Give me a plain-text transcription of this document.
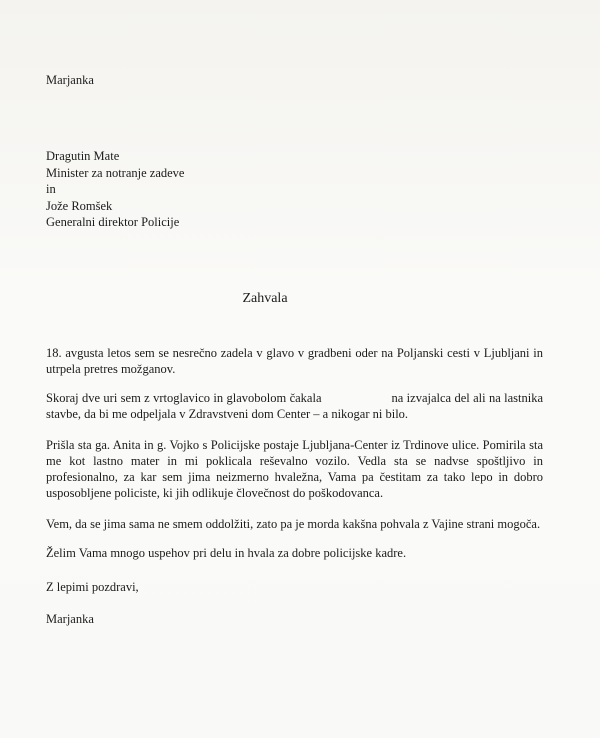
Marjanka
Dragutin Mate
Minister za notranje zadeve
in
Jože Romšek
Generalni direktor Policije
Zahvala

18. avgusta letos sem se nesrečno zadela v glavo v gradbeni oder na Poljanski cesti v Ljubljani in utrpela pretres možganov.

Skoraj dve uri sem z vrtoglavico in glavobolom čakala	na izvajalca del ali na lastnika stavbe, da bi me odpeljala v Zdravstveni dom Center – a nikogar ni bilo.

Prišla sta ga. Anita in g. Vojko s Policijske postaje Ljubljana-Center iz Trdinove ulice. Pomirila sta me kot lastno mater in mi poklicala reševalno vozilo. Vedla sta se nadvse spoštljivo in profesionalno, za kar sem jima neizmerno hvaležna, Vama pa čestitam za tako lepo in dobro usposobljene policiste, ki jih odlikuje človečnost do poškodovanca.

Vem, da se jima sama ne smem oddolžiti, zato pa je morda kakšna pohvala z Vajine strani mogoča.

Želim Vama mnogo uspehov pri delu in hvala za dobre policijske kadre.

Z lepimi pozdravi,
Marjanka
